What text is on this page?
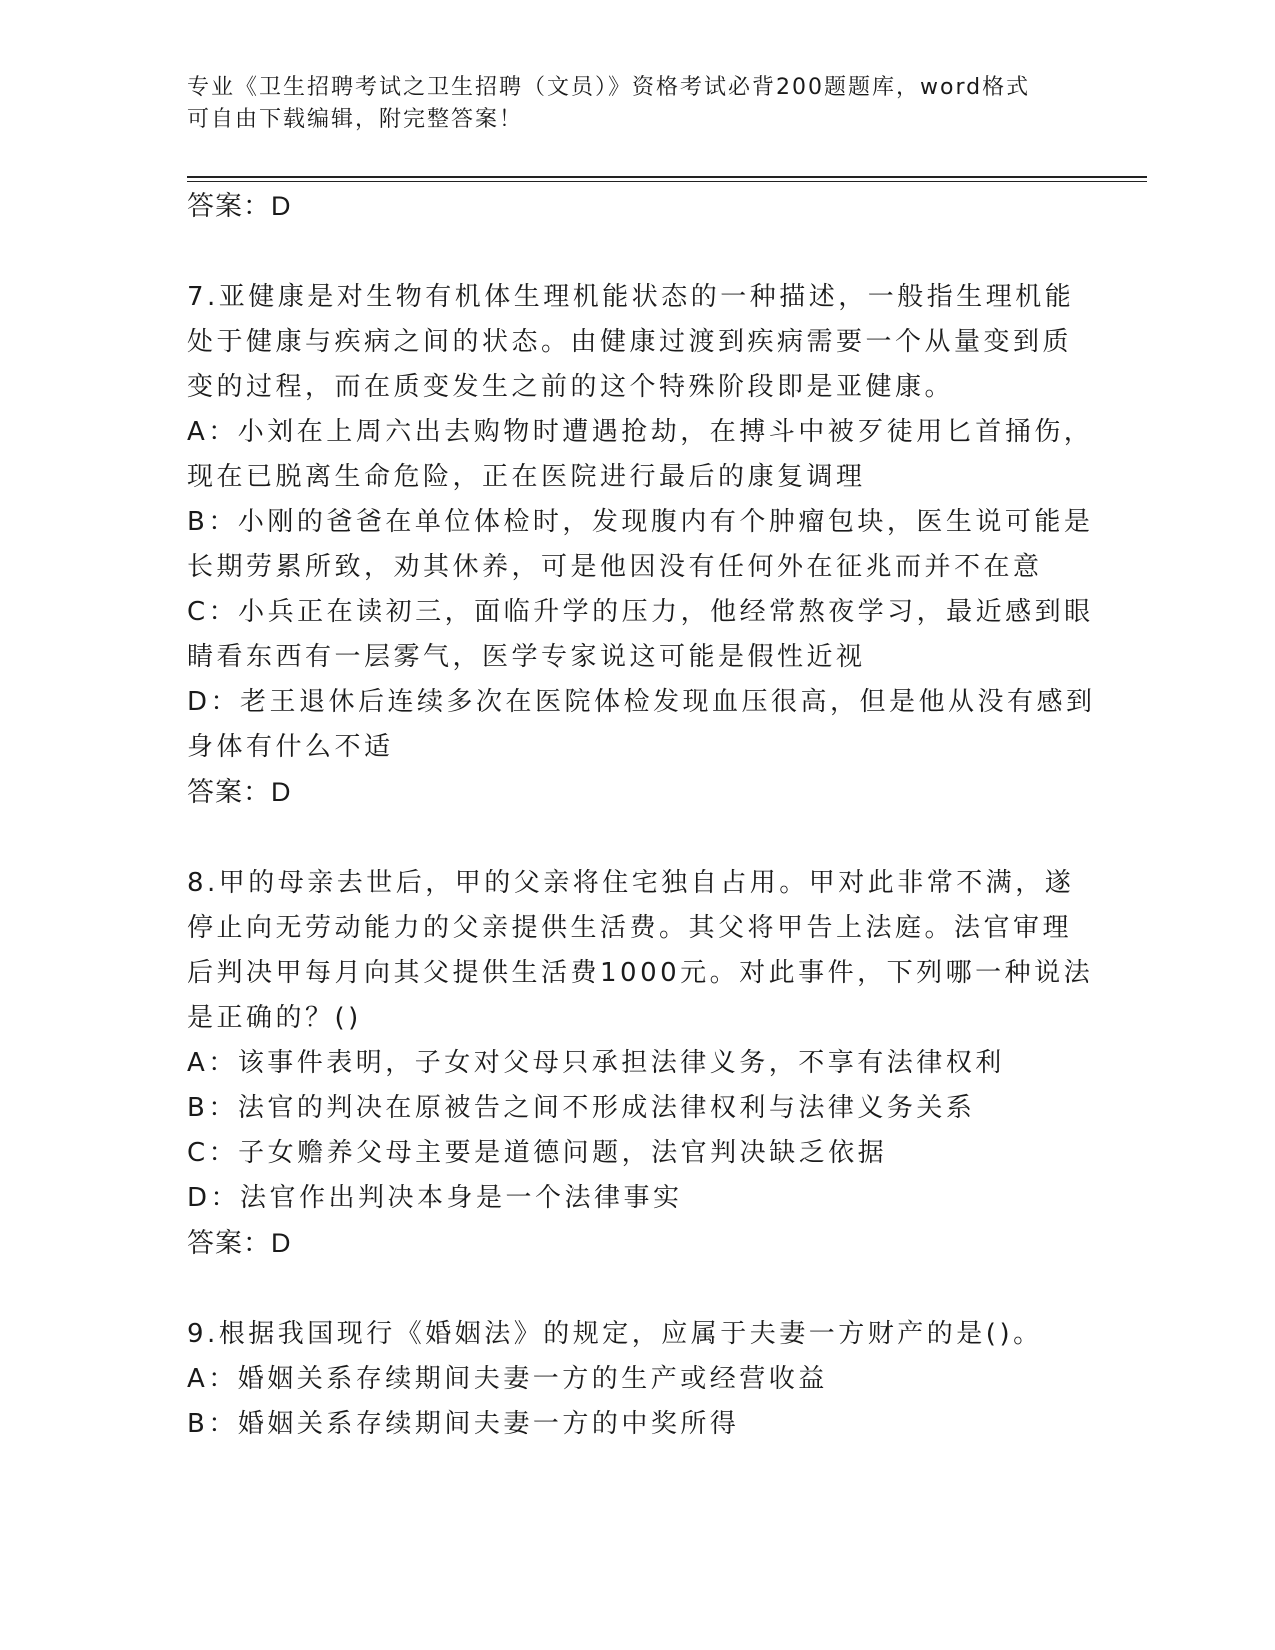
专业《卫生招聘考试之卫生招聘（文员）》资格考试必背200题题库，word格式
可自由下载编辑，附完整答案！

答案：D

7.亚健康是对生物有机体生理机能状态的一种描述，一般指生理机能

处于健康与疾病之间的状态。由健康过渡到疾病需要一个从量变到质

变的过程，而在质变发生之前的这个特殊阶段即是亚健康。

A：小刘在上周六出去购物时遭遇抢劫，在搏斗中被歹徒用匕首捅伤，

现在已脱离生命危险，正在医院进行最后的康复调理

B：小刚的爸爸在单位体检时，发现腹内有个肿瘤包块，医生说可能是

长期劳累所致，劝其休养，可是他因没有任何外在征兆而并不在意

C：小兵正在读初三，面临升学的压力，他经常熬夜学习，最近感到眼

睛看东西有一层雾气，医学专家说这可能是假性近视

D：老王退休后连续多次在医院体检发现血压很高，但是他从没有感到

身体有什么不适

答案：D

8.甲的母亲去世后，甲的父亲将住宅独自占用。甲对此非常不满，遂

停止向无劳动能力的父亲提供生活费。其父将甲告上法庭。法官审理

后判决甲每月向其父提供生活费1000元。对此事件，下列哪一种说法

是正确的？()

A：该事件表明，子女对父母只承担法律义务，不享有法律权利

B：法官的判决在原被告之间不形成法律权利与法律义务关系

C：子女赡养父母主要是道德问题，法官判决缺乏依据

D：法官作出判决本身是一个法律事实

答案：D

9.根据我国现行《婚姻法》的规定，应属于夫妻一方财产的是()。

A：婚姻关系存续期间夫妻一方的生产或经营收益

B：婚姻关系存续期间夫妻一方的中奖所得
